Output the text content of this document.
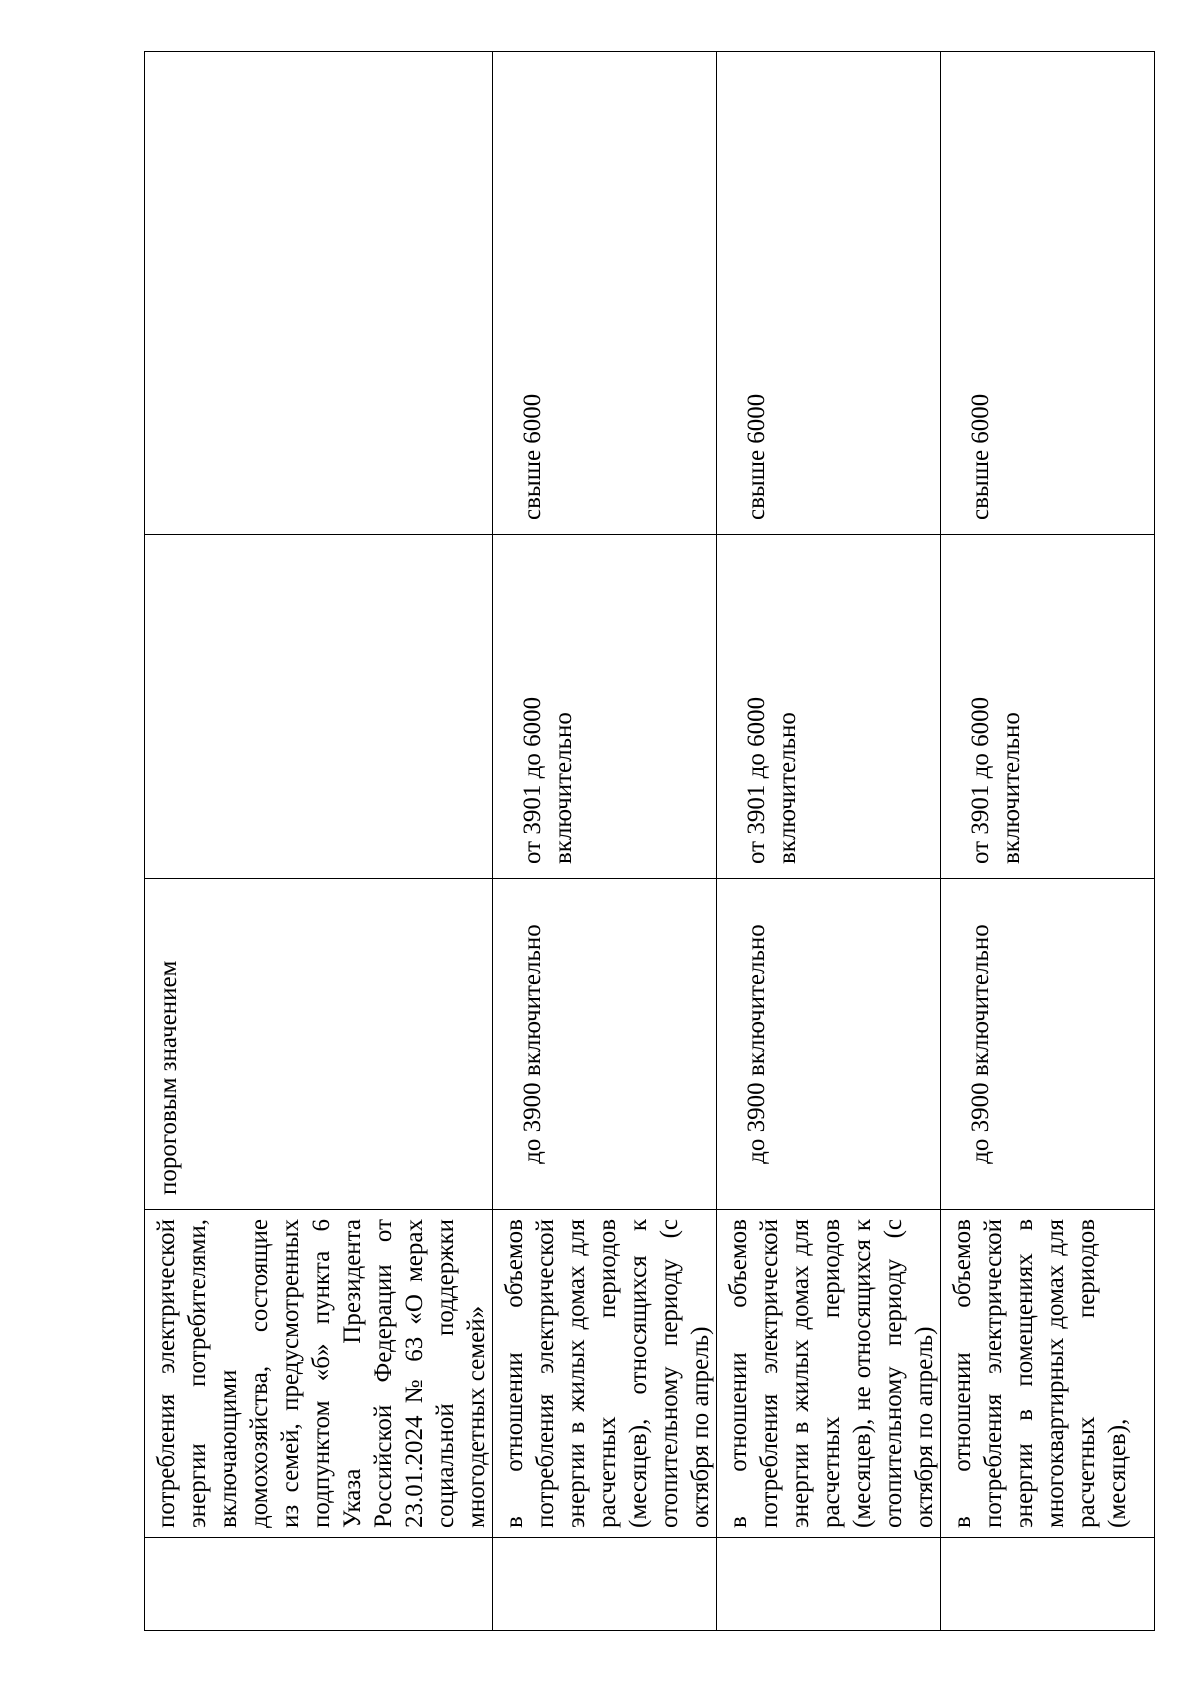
	потребления электрической энергии потребителями, включающими домохозяйства, состоящие из семей, предусмотренных подпунктом «б» пункта 6 Указа Президента Российской Федерации от 23.01.2024 № 63 «О мерах социальной поддержки многодетных семей»	пороговым значением		

	в отношении объемов потребления электрической энергии в жилых домах для расчетных периодов (месяцев), относящихся к отопительному периоду (с октября по апрель)	до 3900 включительно	от 3901 до 6000 включительно	свыше 6000

	в отношении объемов потребления электрической энергии в жилых домах для расчетных периодов (месяцев), не относящихся к отопительному периоду (с октября по апрель)	до 3900 включительно	от 3901 до 6000 включительно	свыше 6000

	в отношении объемов потребления электрической энергии в помещениях в многоквартирных домах для расчетных периодов (месяцев),	до 3900 включительно	от 3901 до 6000 включительно	свыше 6000
